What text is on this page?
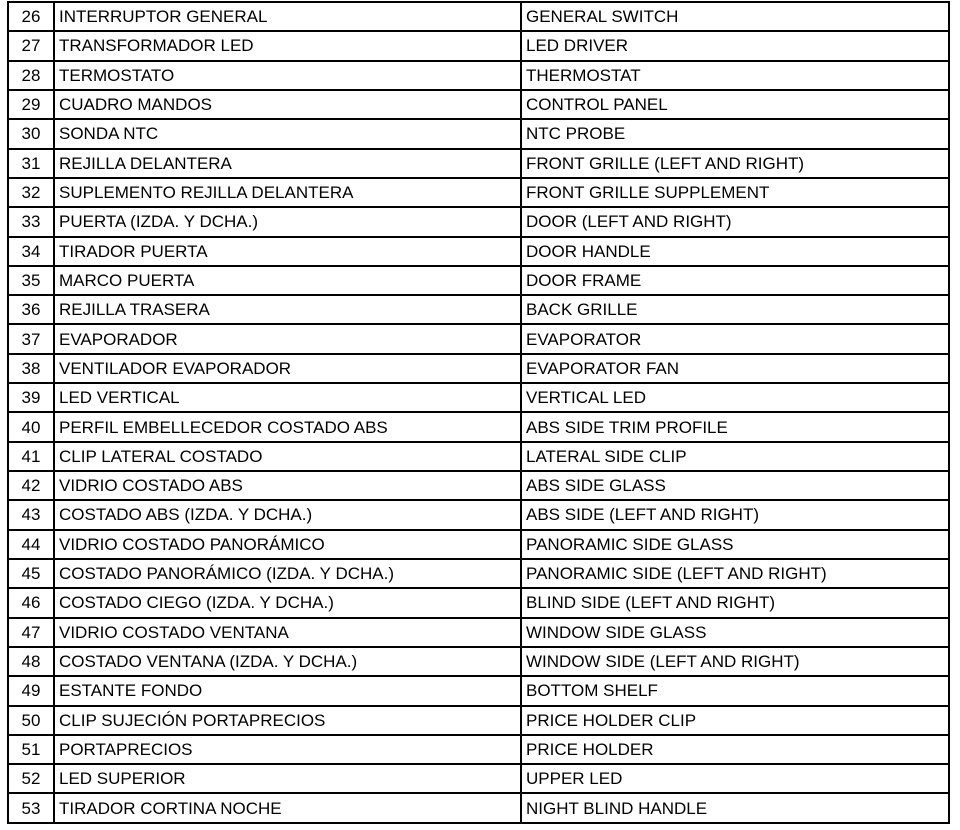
26	INTERRUPTOR GENERAL	GENERAL SWITCH
27	TRANSFORMADOR LED	LED DRIVER
28	TERMOSTATO	THERMOSTAT
29	CUADRO MANDOS	CONTROL PANEL
30	SONDA NTC	NTC PROBE
31	REJILLA DELANTERA	FRONT GRILLE (LEFT AND RIGHT)
32	SUPLEMENTO REJILLA DELANTERA	FRONT GRILLE SUPPLEMENT
33	PUERTA (IZDA. Y DCHA.)	DOOR (LEFT AND RIGHT)
34	TIRADOR PUERTA	DOOR HANDLE
35	MARCO PUERTA	DOOR FRAME
36	REJILLA TRASERA	BACK GRILLE
37	EVAPORADOR	EVAPORATOR
38	VENTILADOR EVAPORADOR	EVAPORATOR FAN
39	LED VERTICAL	VERTICAL LED
40	PERFIL EMBELLECEDOR COSTADO ABS	ABS SIDE TRIM PROFILE
41	CLIP LATERAL COSTADO	LATERAL SIDE CLIP
42	VIDRIO COSTADO ABS	ABS SIDE GLASS
43	COSTADO ABS (IZDA. Y DCHA.)	ABS SIDE (LEFT AND RIGHT)
44	VIDRIO COSTADO PANORÁMICO	PANORAMIC SIDE GLASS
45	COSTADO PANORÁMICO (IZDA. Y DCHA.)	PANORAMIC SIDE (LEFT AND RIGHT)
46	COSTADO CIEGO (IZDA. Y DCHA.)	BLIND SIDE (LEFT AND RIGHT)
47	VIDRIO COSTADO VENTANA	WINDOW SIDE GLASS
48	COSTADO VENTANA (IZDA. Y DCHA.)	WINDOW SIDE (LEFT AND RIGHT)
49	ESTANTE FONDO	BOTTOM SHELF
50	CLIP SUJECIÓN PORTAPRECIOS	PRICE HOLDER CLIP
51	PORTAPRECIOS	PRICE HOLDER
52	LED SUPERIOR	UPPER LED
53	TIRADOR CORTINA NOCHE	NIGHT BLIND HANDLE
